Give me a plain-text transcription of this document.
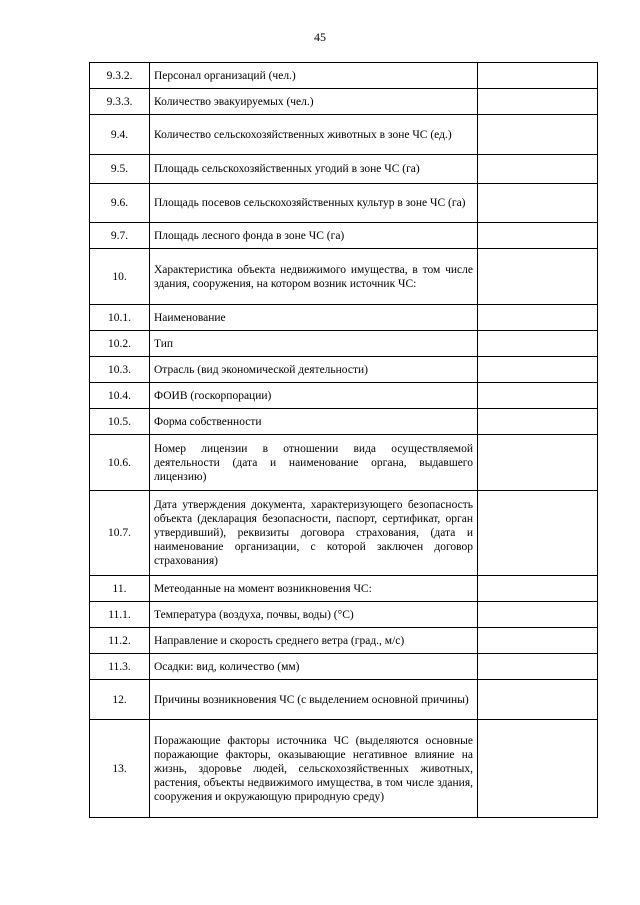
45
9.3.2.	Персонал организаций (чел.)	
9.3.3.	Количество эвакуируемых (чел.)	
9.4.	Количество сельскохозяйственных животных в зоне ЧС (ед.)	
9.5.	Площадь сельскохозяйственных угодий в зоне ЧС (га)	
9.6.	Площадь посевов сельскохозяйственных культур в зоне ЧС (га)	
9.7.	Площадь лесного фонда в зоне ЧС (га)	
10.	Характеристика объекта недвижимого имущества, в том числе здания, сооружения, на котором возник источник ЧС:	
10.1.	Наименование	
10.2.	Тип	
10.3.	Отрасль (вид экономической деятельности)	
10.4.	ФОИВ (госкорпорации)	
10.5.	Форма собственности	
10.6.	Номер лицензии в отношении вида осуществляемой деятельности (дата и наименование органа, выдавшего лицензию)	
10.7.	Дата утверждения документа, характеризующего безопасность объекта (декларация безопасности, паспорт, сертификат, орган утвердивший), реквизиты договора страхования, (дата и наименование организации, с которой заключен договор страхования)	
11.	Метеоданные на момент возникновения ЧС:	
11.1.	Температура (воздуха, почвы, воды) (°С)	
11.2.	Направление и скорость среднего ветра (град., м/с)	
11.3.	Осадки: вид, количество (мм)	
12.	Причины возникновения ЧС (с выделением основной причины)	
13.	Поражающие факторы источника ЧС (выделяются основные поражающие факторы, оказывающие негативное влияние на жизнь, здоровье людей, сельскохозяйственных животных, растения, объекты недвижимого имущества, в том числе здания, сооружения и окружающую природную среду)	
